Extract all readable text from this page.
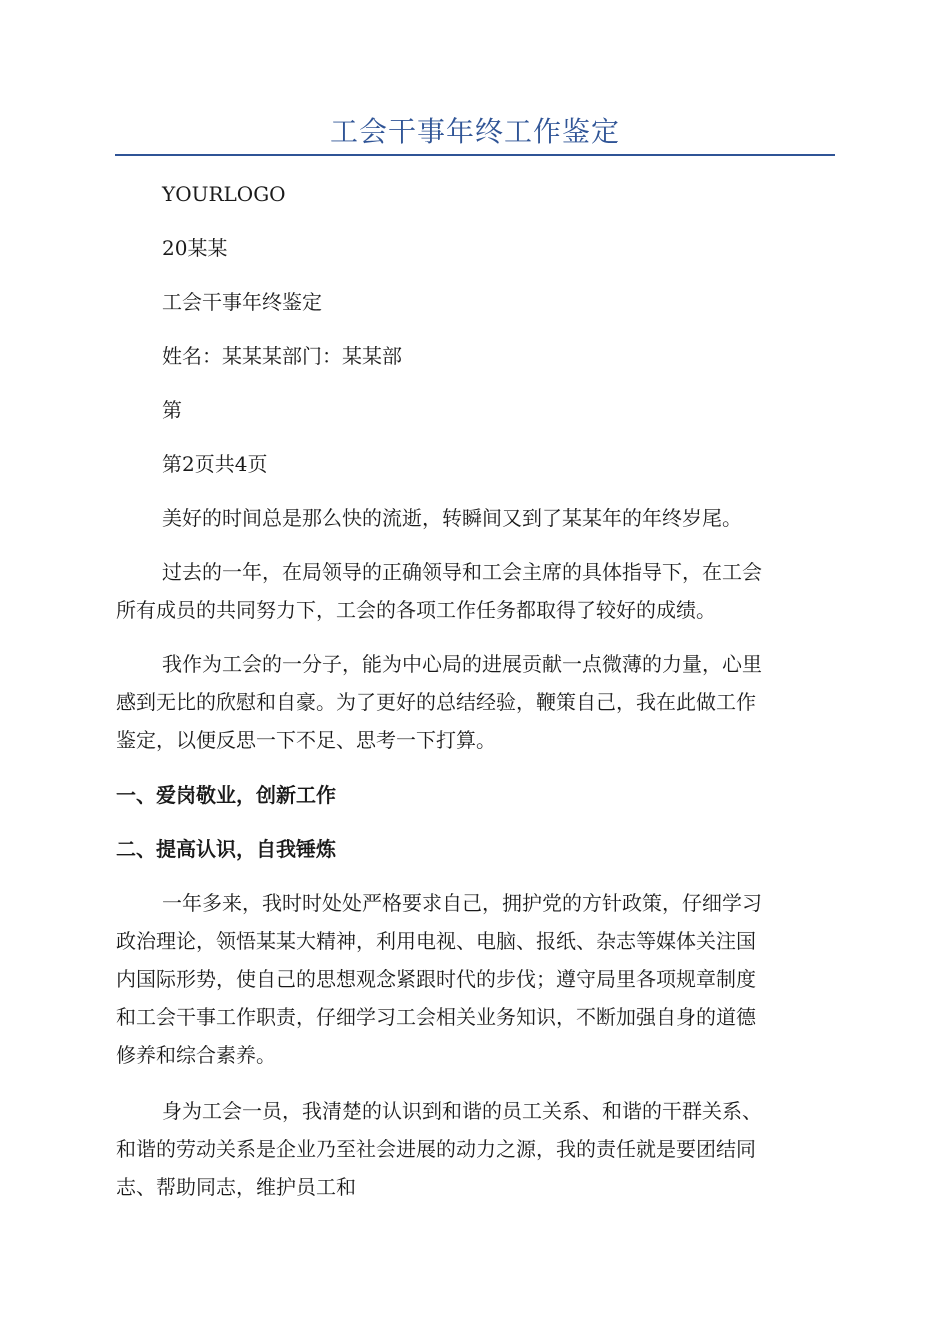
工会干事年终工作鉴定

YOURLOGO

20某某

工会干事年终鉴定

姓名：某某某部门：某某部

第

第2页共4页

美好的时间总是那么快的流逝，转瞬间又到了某某年的年终岁尾。

过去的一年，在局领导的正确领导和工会主席的具体指导下，在工会
所有成员的共同努力下，工会的各项工作任务都取得了较好的成绩。

我作为工会的一分子，能为中心局的进展贡献一点微薄的力量，心里
感到无比的欣慰和自豪。为了更好的总结经验，鞭策自己，我在此做工作
鉴定，以便反思一下不足、思考一下打算。

一、爱岗敬业，创新工作

二、提高认识，自我锤炼

一年多来，我时时处处严格要求自己，拥护党的方针政策，仔细学习
政治理论，领悟某某大精神，利用电视、电脑、报纸、杂志等媒体关注国
内国际形势，使自己的思想观念紧跟时代的步伐；遵守局里各项规章制度
和工会干事工作职责，仔细学习工会相关业务知识，不断加强自身的道德
修养和综合素养。

身为工会一员，我清楚的认识到和谐的员工关系、和谐的干群关系、
和谐的劳动关系是企业乃至社会进展的动力之源，我的责任就是要团结同
志、帮助同志，维护员工和
